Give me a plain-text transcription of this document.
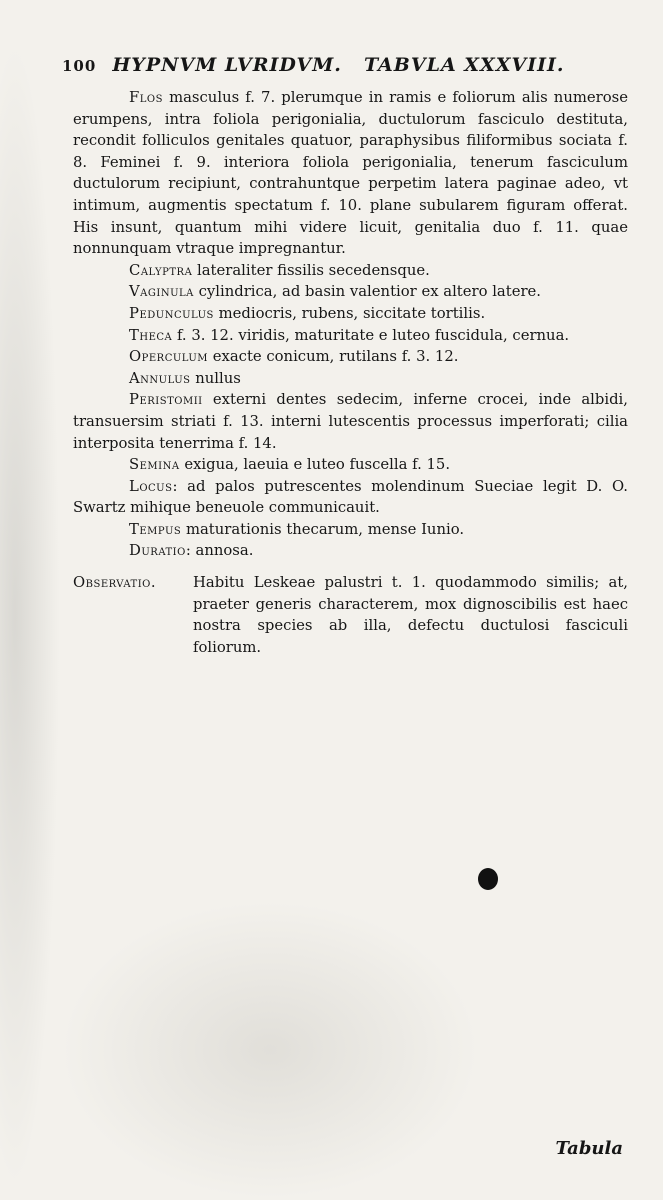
100 HYPNVM LVRIDVM. TABVLA XXXVIII.

Flos masculus f. 7. plerumque in ramis e foliorum alis numerose erumpens, intra foliola perigonialia, ductulorum fasciculo destituta, recondit folliculos genitales quatuor, paraphysibus filiformibus sociata f. 8. Feminei f. 9. interiora foliola perigonialia, tenerum fasciculum ductulorum recipiunt, contrahuntque perpetim latera paginae adeo, vt intimum, augmentis spectatum f. 10. plane subularem figuram offerat. His insunt, quantum mihi videre licuit, genitalia duo f. 11. quae nonnunquam vtraque impregnantur.

Calyptra lateraliter fissilis secedensque.

Vaginula cylindrica, ad basin valentior ex altero latere.

Pedunculus mediocris, rubens, siccitate tortilis.

Theca f. 3. 12. viridis, maturitate e luteo fuscidula, cernua.

Operculum exacte conicum, rutilans f. 3. 12.

Annulus nullus

Peristomii externi dentes sedecim, inferne crocei, inde albidi, transuersim striati f. 13. interni lutescentis processus imperforati; cilia interposita tenerrima f. 14.

Semina exigua, laeuia e luteo fuscella f. 15.

Locus: ad palos putrescentes molendinum Sueciae legit D. O. Swartz mihique beneuole communicauit.

Tempus maturationis thecarum, mense Iunio.

Duratio: annosa.

Observatio.	Habitu Leskeae palustri t. 1. quodammodo similis; at, praeter generis characterem, mox dignoscibilis est haec nostra species ab illa, defectu ductulosi fasciculi foliorum.
Tabula
